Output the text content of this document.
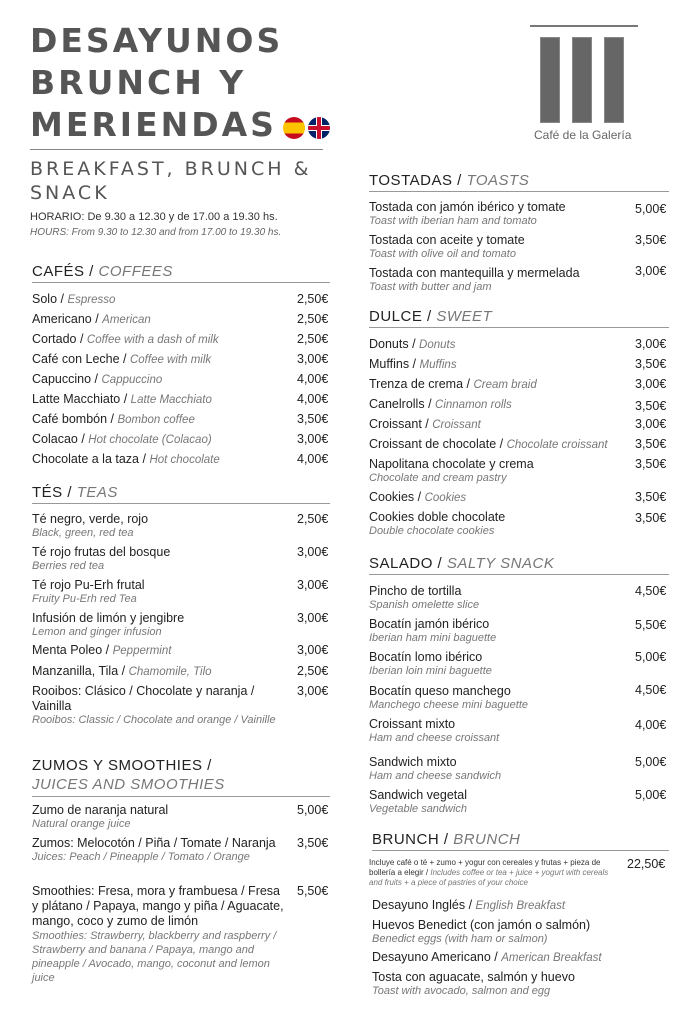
DESAYUNOS
BRUNCH Y
MERIENDAS	Café de la Galería
BREAKFAST, BRUNCH &
SNACK
HORARIO: De 9.30 a 12.30 y de 17.00 a 19.30 hs.
HOURS: From 9.30 to 12.30 and from 17.00 to 19.30 hs.
CAFÉS / COFFEES
Solo / Espresso	2,50€
Americano / American	2,50€
Cortado / Coffee with a dash of milk	2,50€
Café con Leche / Coffee with milk	3,00€
Capuccino / Cappuccino	4,00€
Latte Macchiato / Latte Macchiato	4,00€
Café bombón / Bombon coffee	3,50€
Colacao / Hot chocolate (Colacao)	3,00€
Chocolate a la taza / Hot chocolate	4,00€
TÉS / TEAS
Té negro, verde, rojo
Black, green, red tea
2,50€
Té rojo frutas del bosque
Berries red tea
3,00€
Té rojo Pu-Erh frutal
Fruity Pu-Erh red Tea
3,00€
Infusión de limón y jengibre
Lemon and ginger infusion
3,00€
Menta Poleo / Peppermint	3,00€
Manzanilla, Tila / Chamomile, Tilo	2,50€
Rooibos: Clásico / Chocolate y naranja / Vainilla
Rooibos: Classic / Chocolate and orange / Vainille
3,00€
ZUMOS Y SMOOTHIES /
JUICES AND SMOOTHIES
Zumo de naranja natural
Natural orange juice
5,00€
Zumos: Melocotón / Piña / Tomate / Naranja
Juices: Peach / Pineapple / Tomato / Orange
3,50€
Smoothies: Fresa, mora y frambuesa / Fresa y plátano / Papaya, mango y piña / Aguacate, mango, coco y zumo de limón
Smoothies: Strawberry, blackberry and raspberry / Strawberry and banana / Papaya, mango and pineapple / Avocado, mango, coconut and lemon juice
5,50€
TOSTADAS / TOASTS
Tostada con jamón ibérico y tomate
Toast with iberian ham and tomato
5,00€
Tostada con aceite y tomate
Toast with olive oil and tomato
3,50€
Tostada con mantequilla y mermelada
Toast with butter and jam
3,00€
DULCE / SWEET
Donuts / Donuts	3,00€
Muffins / Muffins	3,50€
Trenza de crema / Cream braid	3,00€
Canelrolls / Cinnamon rolls	3,50€
Croissant / Croissant	3,00€
Croissant de chocolate / Chocolate croissant 3,50€
Napolitana chocolate y crema
Chocolate and cream pastry
3,50€
Cookies / Cookies	3,50€
Cookies doble chocolate
Double chocolate cookies
3,50€
SALADO / SALTY SNACK
Pincho de tortilla
Spanish omelette slice
4,50€
Bocatín jamón ibérico
Iberian ham mini baguette
5,50€
Bocatín lomo ibérico
Iberian loin mini baguette
5,00€
Bocatín queso manchego
Manchego cheese mini baguette
4,50€
Croissant mixto
Ham and cheese croissant
4,00€
Sandwich mixto
Ham and cheese sandwich
5,00€
Sandwich vegetal
Vegetable sandwich
5,00€
BRUNCH / BRUNCH
Incluye café o té + zumo + yogur con cereales y frutas + pieza de bollería a elegir / Includes coffee or tea + juice + yogurt with cereals and fruits + a piece of pastries of your choice
22,50€
Desayuno Inglés / English Breakfast
Huevos Benedict (con jamón o salmón)
Benedict eggs (with ham or salmon)
Desayuno Americano / American Breakfast
Tosta con aguacate, salmón y huevo
Toast with avocado, salmon and egg
